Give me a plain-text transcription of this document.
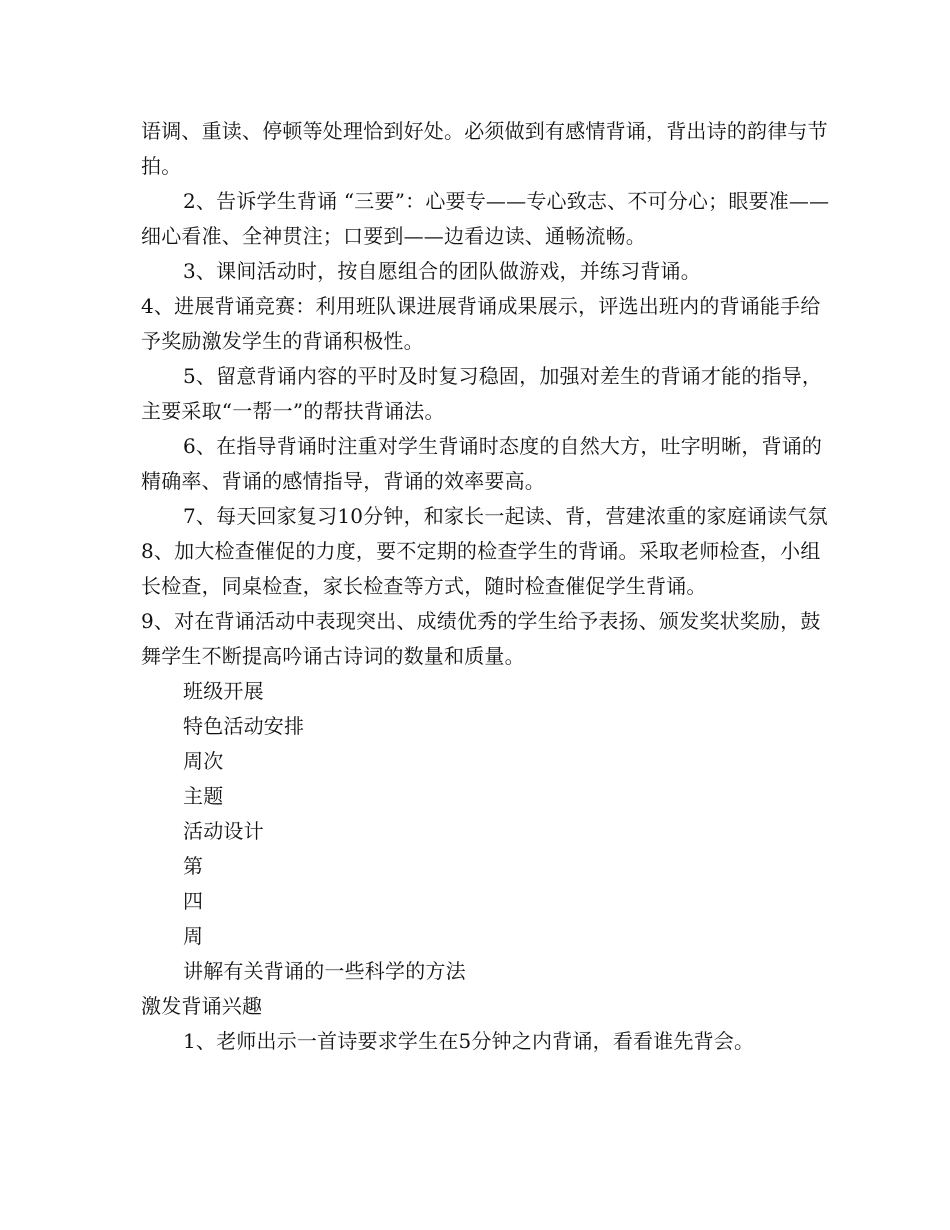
语调、重读、停顿等处理恰到好处。必须做到有感情背诵，背出诗的韵律与节拍。

2、告诉学生背诵 “三要”：心要专——专心致志、不可分心；眼要准——细心看准、全神贯注；口要到——边看边读、通畅流畅。

3、课间活动时，按自愿组合的团队做游戏，并练习背诵。

4、进展背诵竞赛：利用班队课进展背诵成果展示，评选出班内的背诵能手给予奖励激发学生的背诵积极性。

5、留意背诵内容的平时及时复习稳固，加强对差生的背诵才能的指导，主要采取“一帮一”的帮扶背诵法。

6、在指导背诵时注重对学生背诵时态度的自然大方，吐字明晰，背诵的精确率、背诵的感情指导，背诵的效率要高。

7、每天回家复习10分钟，和家长一起读、背，营建浓重的家庭诵读气氛

8、加大检查催促的力度，要不定期的检查学生的背诵。采取老师检查，小组长检查，同桌检查，家长检查等方式，随时检查催促学生背诵。

9、对在背诵活动中表现突出、成绩优秀的学生给予表扬、颁发奖状奖励，鼓舞学生不断提高吟诵古诗词的数量和质量。

班级开展
特色活动安排
周次
主题
活动设计
第
四
周
讲解有关背诵的一些科学的方法

激发背诵兴趣

1、老师出示一首诗要求学生在5分钟之内背诵，看看谁先背会。
